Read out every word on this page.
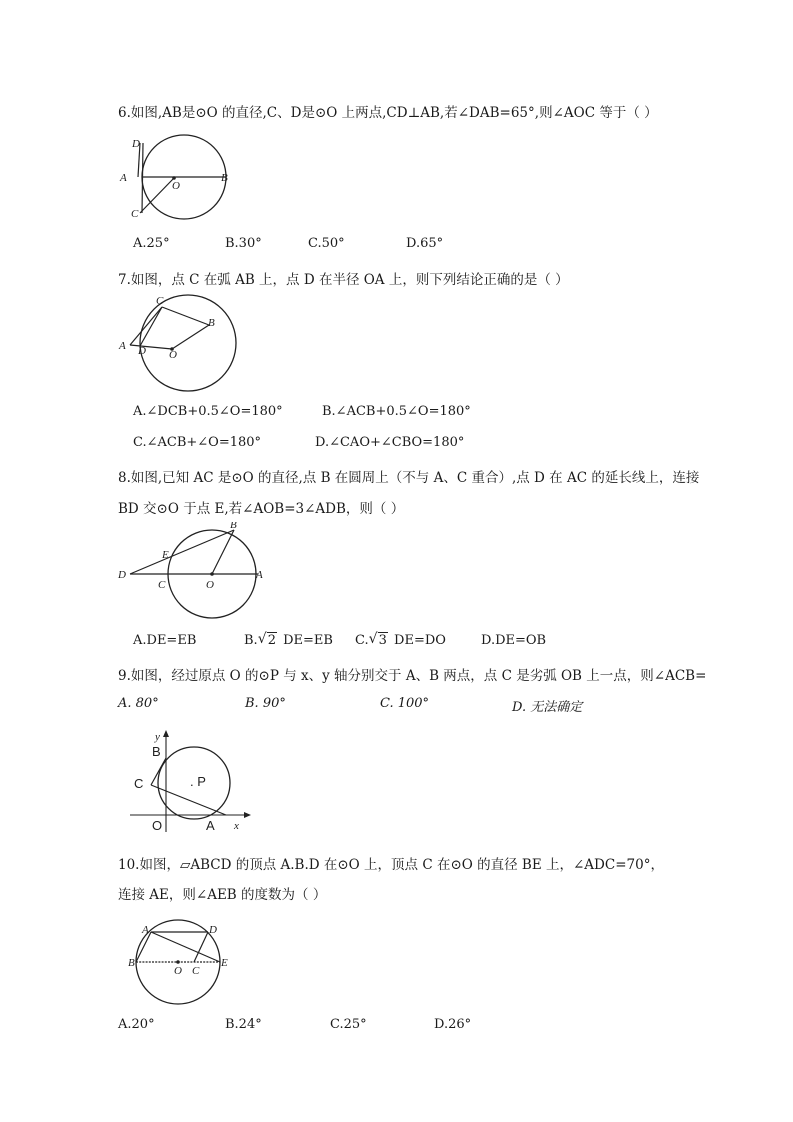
6.如图,AB是⊙O 的直径,C、D是⊙O 上两点,CD⊥AB,若∠DAB=65°,则∠AOC 等于（ ）
D
A
O
B
C
A.25°	B.30°	C.50°	D.65°
7.如图，点 C 在弧 AB 上，点 D 在半径 OA 上，则下列结论正确的是（ ）
C
B
A D O
A.∠DCB+0.5∠O=180°	B.∠ACB+0.5∠O=180°
C.∠ACB+∠O=180°	D.∠CAO+∠CBO=180°
8.如图,已知 AC 是⊙O 的直径,点 B 在圆周上（不与 A、C 重合）,点 D 在 AC 的延长线上，连接
BD 交⊙O 于点 E,若∠AOB=3∠ADB，则（ ）
B
E
D
C	O
A
A.DE=EB	B. √ 2 DE=EB C. √ 3 DE=DO	D.DE=OB
9.如图，经过原点 O 的⊙P 与 x、y 轴分别交于 A、B 两点，点 C 是劣弧 OB 上一点，则∠ACB=
A. 80°	B. 90°	C. 100°	D. 无法确定
y
B
C	. P
O	A x
10.如图，▱ABCD 的顶点 A.B.D 在⊙O 上，顶点 C 在⊙O 的直径 BE 上，∠ADC=70°，
连接 AE，则∠AEB 的度数为（ ）
A	D
B
O C
E
A.20°	B.24°	C.25°	D.26°
